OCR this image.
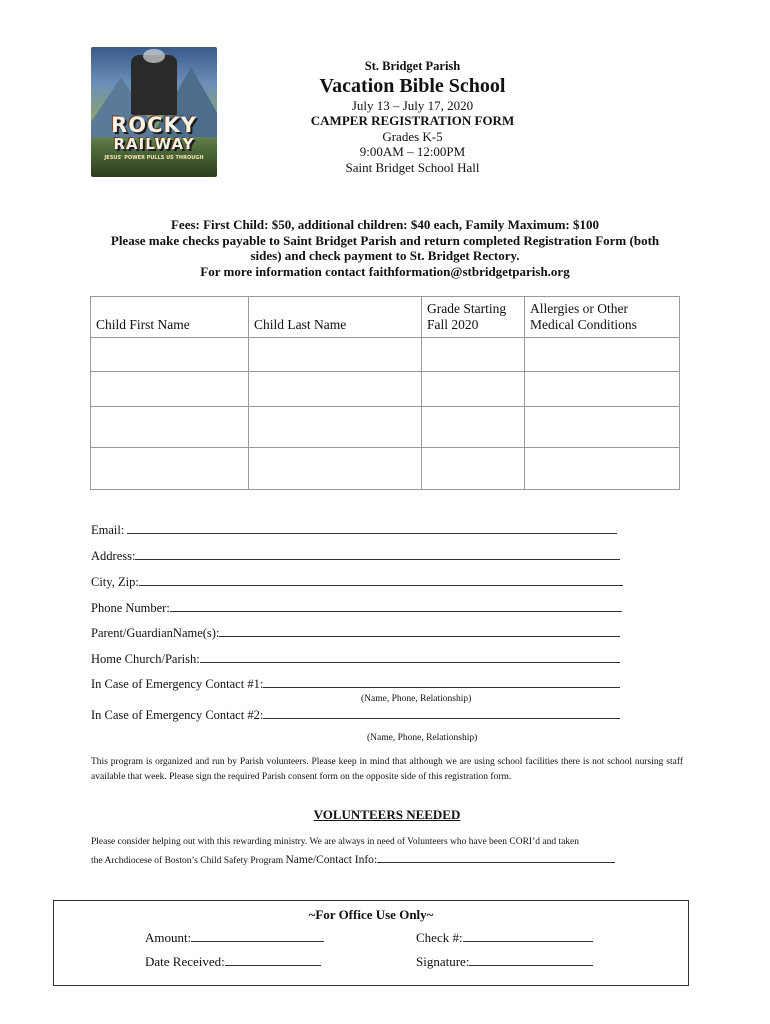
ROCKY
RAILWAY
JESUS' POWER PULLS US THROUGH
St. Bridget Parish
Vacation Bible School
July 13 – July 17, 2020
CAMPER REGISTRATION FORM
Grades K-5
9:00AM – 12:00PM
Saint Bridget School Hall
Fees: First Child: $50, additional children: $40 each, Family Maximum: $100
Please make checks payable to Saint Bridget Parish and return completed Registration Form (both
sides) and check payment to St. Bridget Rectory.
For more information contact faithformation@stbridgetparish.org
Child First Name	Child Last Name	Grade Starting Fall 2020	Allergies or Other Medical Conditions

Email:
Address:
City, Zip:
Phone Number:
Parent/GuardianName(s):
Home Church/Parish:
In Case of Emergency Contact #1:
(Name, Phone, Relationship)
In Case of Emergency Contact #2:
(Name, Phone, Relationship)
This program is organized and run by Parish volunteers. Please keep in mind that although we are using school facilities there is not school nursing staff available that week. Please sign the required Parish consent form on the opposite side of this registration form.
VOLUNTEERS NEEDED
Please consider helping out with this rewarding ministry. We are always in need of Volunteers who have been CORI’d and taken
the Archdiocese of Boston’s Child Safety Program Name/Contact Info:
~For Office Use Only~
Amount:	Check #:
Date Received:	Signature:
